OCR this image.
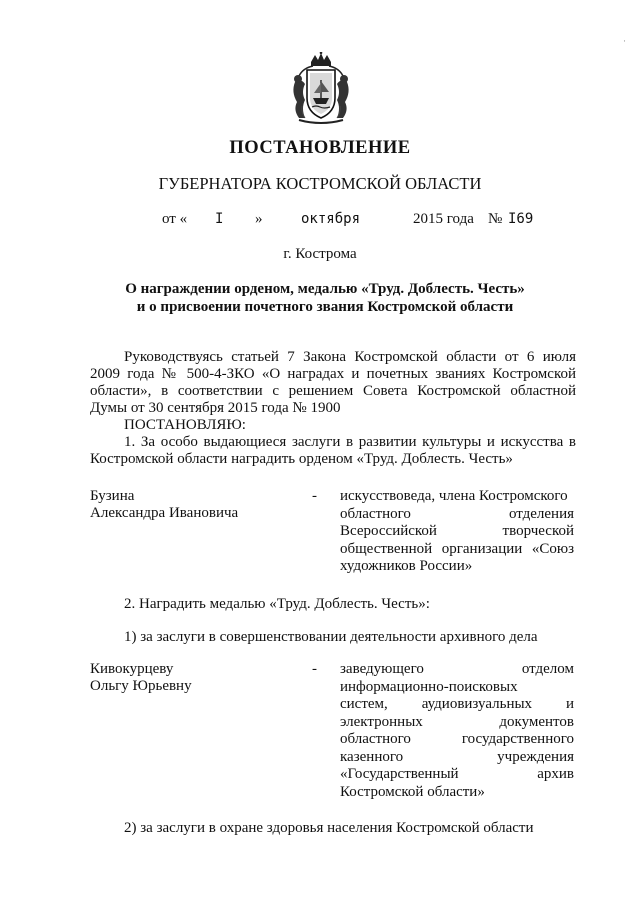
·
ПОСТАНОВЛЕНИЕ
ГУБЕРНАТОРА КОСТРОМСКОЙ ОБЛАСТИ
от « I »	октября	2015 года № I69
г. Кострома
О награждении орденом, медалью «Труд. Доблесть. Честь»
и о присвоении почетного звания Костромской области
Руководствуясь статьей 7 Закона Костромской области от 6 июля
2009 года № 500-4-ЗКО «О наградах и почетных званиях Костромской
области», в соответствии с решением Совета Костромской областной
Думы от 30 сентября 2015 года № 1900
ПОСТАНОВЛЯЮ:
1. За особо выдающиеся заслуги в развитии культуры и искусства в
Костромской области наградить орденом «Труд. Доблесть. Честь»
Бузина
Александра Ивановича
- искусствоведа, члена Костромского
областного отделения
Всероссийской творческой
общественной организации «Союз
художников России»
2. Наградить медалью «Труд. Доблесть. Честь»:
1) за заслуги в совершенствовании деятельности архивного дела
Кивокурцеву
Ольгу Юрьевну
- заведующего отделом
информационно-поисковых
систем, аудиовизуальных и
электронных документов
областного государственного
казенного учреждения
«Государственный архив
Костромской области»
2) за заслуги в охране здоровья населения Костромской области
